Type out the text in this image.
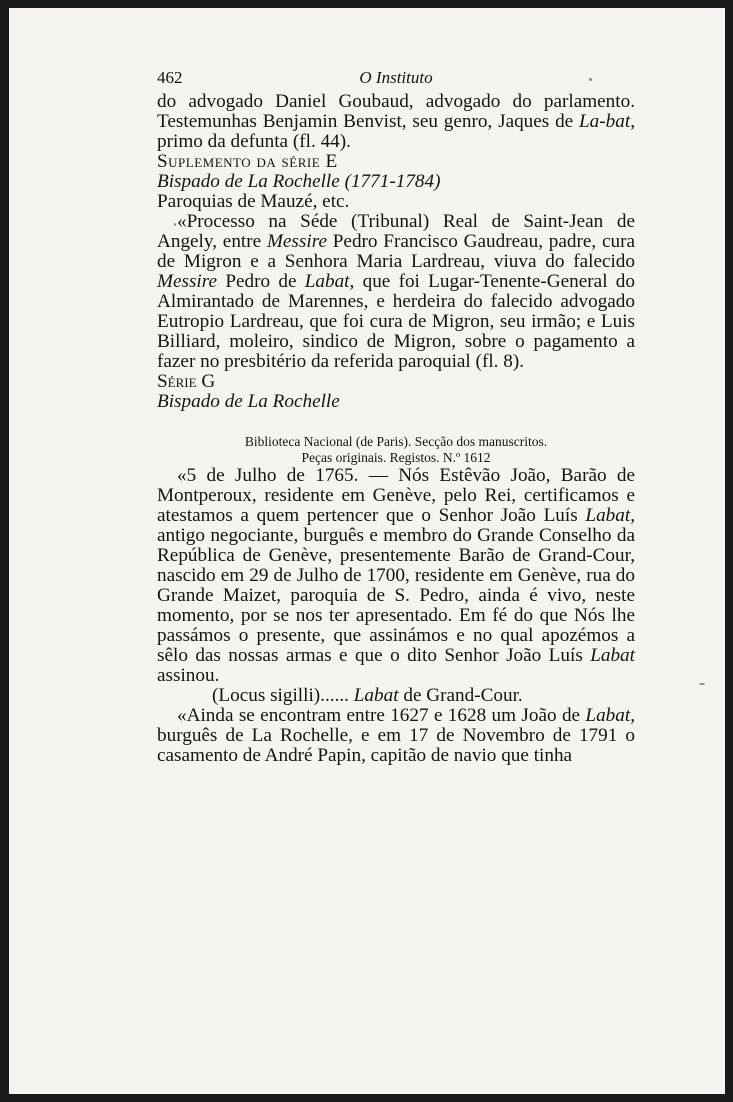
462	O Instituto

do advogado Daniel Goubaud, advogado do parlamento. Testemunhas Benjamin Benvist, seu genro, Jaques de La-bat, primo da defunta (fl. 44).

Suplemento da série E

Bispado de La Rochelle (1771-1784)

Paroquias de Mauzé, etc.

«Processo na Séde (Tribunal) Real de Saint-Jean de Angely, entre Messire Pedro Francisco Gaudreau, padre, cura de Migron e a Senhora Maria Lardreau, viuva do falecido Messire Pedro de Labat, que foi Lugar-Tenente-General do Almirantado de Marennes, e herdeira do falecido advogado Eutropio Lardreau, que foi cura de Migron, seu irmão; e Luis Billiard, moleiro, sindico de Migron, sobre o pagamento a fazer no presbitério da referida paroquial (fl. 8).

Série G

Bispado de La Rochelle

Biblioteca Nacional (de Paris). Secção dos manuscritos.
Peças originais. Registos. N.º 1612

«5 de Julho de 1765. — Nós Estêvão João, Barão de Montperoux, residente em Genève, pelo Rei, certificamos e atestamos a quem pertencer que o Senhor João Luís Labat, antigo negociante, burguês e membro do Grande Conselho da República de Genève, presentemente Barão de Grand-Cour, nascido em 29 de Julho de 1700, residente em Genève, rua do Grande Maizet, paroquia de S. Pedro, ainda é vivo, neste momento, por se nos ter apresentado. Em fé do que Nós lhe passámos o presente, que assinámos e no qual apozémos a sêlo das nossas armas e que o dito Senhor João Luís Labat assinou.

(Locus sigilli)...... Labat de Grand-Cour.

«Ainda se encontram entre 1627 e 1628 um João de Labat, burguês de La Rochelle, e em 17 de Novembro de 1791 o casamento de André Papin, capitão de navio que tinha
